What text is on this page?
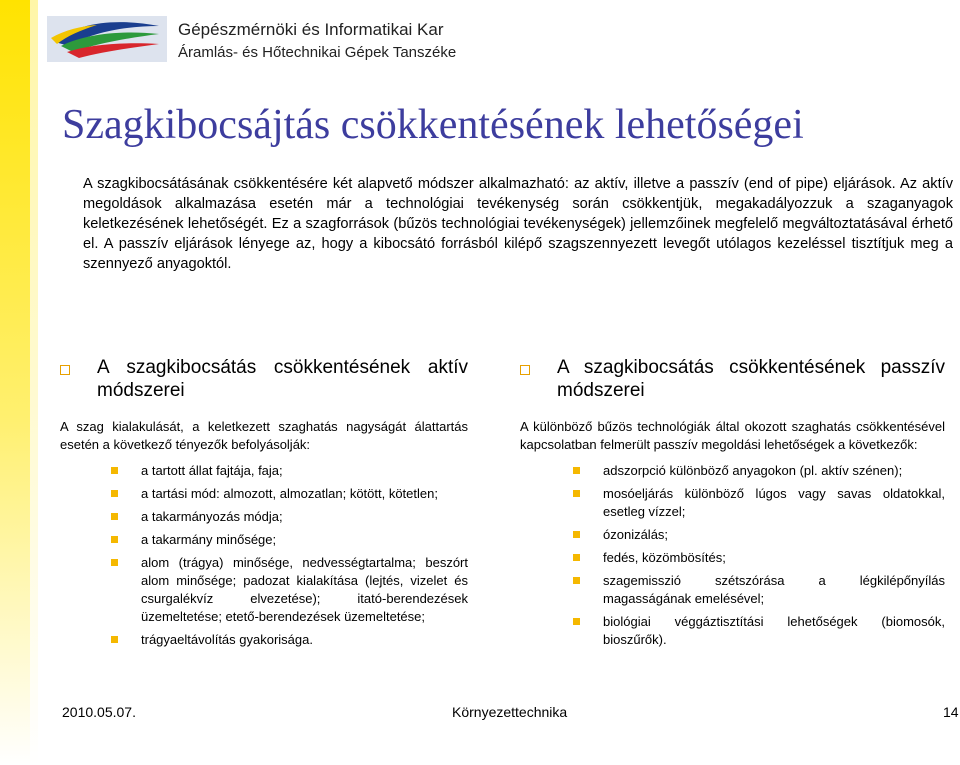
Gépészmérnöki és Informatikai Kar
Áramlás- és Hőtechnikai Gépek Tanszéke
Szagkibocsájtás csökkentésének lehetőségei

A szagkibocsátásának csökkentésére két alapvető módszer alkalmazható: az aktív, illetve a passzív (end of pipe) eljárások. Az aktív megoldások alkalmazása esetén már a technológiai tevékenység során csökkentjük, megakadályozzuk a szaganyagok keletkezésének lehetőségét. Ez a szagforrások (bűzös technológiai tevékenységek) jellemzőinek megfelelő megváltoztatásával érhető el. A passzív eljárások lényege az, hogy a kibocsátó forrásból kilépő szagszennyezett levegőt utólagos kezeléssel tisztítjuk meg a szennyező anyagoktól.

A szagkibocsátás csökkentésének aktív módszerei
A szag kialakulását, a keletkezett szaghatás nagyságát álattartás esetén a következő tényezők befolyásolják:
a tartott állat fajtája, faja;
a tartási mód: almozott, almozatlan; kötött, kötetlen;
a takarmányozás módja;
a takarmány minősége;
alom (trágya) minősége, nedvességtartalma; beszórt alom minősége; padozat kialakítása (lejtés, vizelet és csurgalékvíz elvezetése); itató-berendezések üzemeltetése; etető-berendezések üzemeltetése;
trágyaeltávolítás gyakorisága.
A szagkibocsátás csökkentésének passzív módszerei
A különböző bűzös technológiák által okozott szaghatás csökkentésével kapcsolatban felmerült passzív megoldási lehetőségek a következők:
adszorpció különböző anyagokon (pl. aktív szénen);
mosóeljárás különböző lúgos vagy savas oldatokkal, esetleg vízzel;
ózonizálás;
fedés, közömbösítés;
szagemisszió szétszórása a légkilépőnyílás magasságának emelésével;
biológiai véggáztisztítási lehetőségek (biomosók, bioszűrők).
2010.05.07.	Környezettechnika	14
